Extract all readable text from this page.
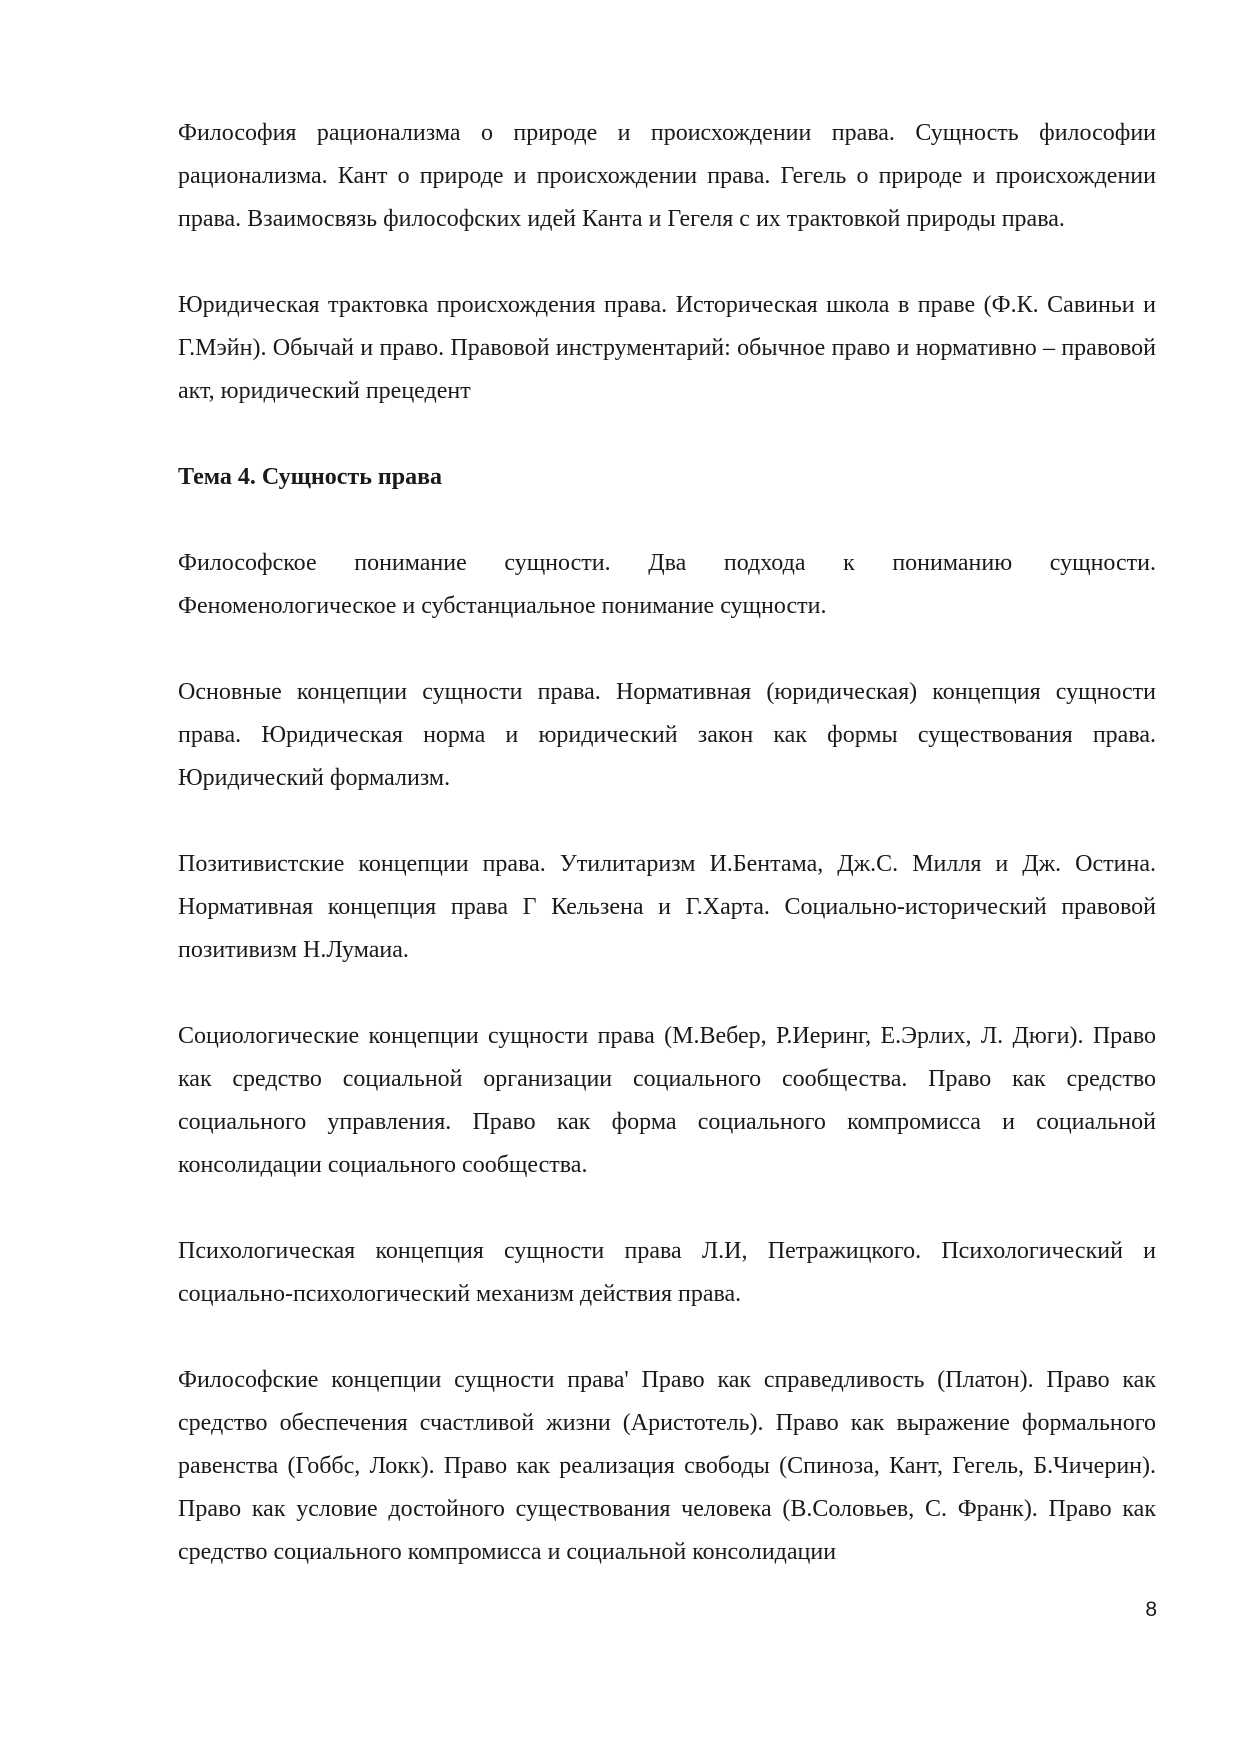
Философия рационализма о природе и происхождении права. Сущность философии рационализма. Кант о природе и происхождении права. Гегель о природе и происхождении права. Взаимосвязь философских идей Канта и Гегеля с их трактовкой природы права.

Юридическая трактовка происхождения права. Историческая школа в праве (Ф.К. Савиньи и Г.Мэйн). Обычай и право. Правовой инструментарий: обычное право и нормативно – правовой акт, юридический прецедент

Тема 4. Сущность права

Философское понимание сущности. Два подхода к пониманию сущности. Феноменологическое и субстанциальное понимание сущности.

Основные концепции сущности права. Нормативная (юридическая) концепция сущности права. Юридическая норма и юридический закон как формы существования права. Юридический формализм.

Позитивистские концепции права. Утилитаризм И.Бентама, Дж.С. Милля и Дж. Остина. Нормативная концепция права Г Кельзена и Г.Харта. Социально-исторический правовой позитивизм Н.Лумаиа.

Социологические концепции сущности права (М.Вебер, Р.Иеринг, Е.Эрлих, Л. Дюги). Право как средство социальной организации социального сообщества. Право как средство социального управления. Право как форма социального компромисса и социальной консолидации социального сообщества.

Психологическая концепция сущности права Л.И, Петражицкого. Психологический и социально-психологический механизм действия права.

Философские концепции сущности права' Право как справедливость (Платон). Право как средство обеспечения счастливой жизни (Аристотель). Право как выражение формального равенства (Гоббс, Локк). Право как реализация свободы (Спиноза, Кант, Гегель, Б.Чичерин). Право как условие достойного существования человека (В.Соловьев, С. Франк). Право как средство социального компромисса и социальной консолидации

8
